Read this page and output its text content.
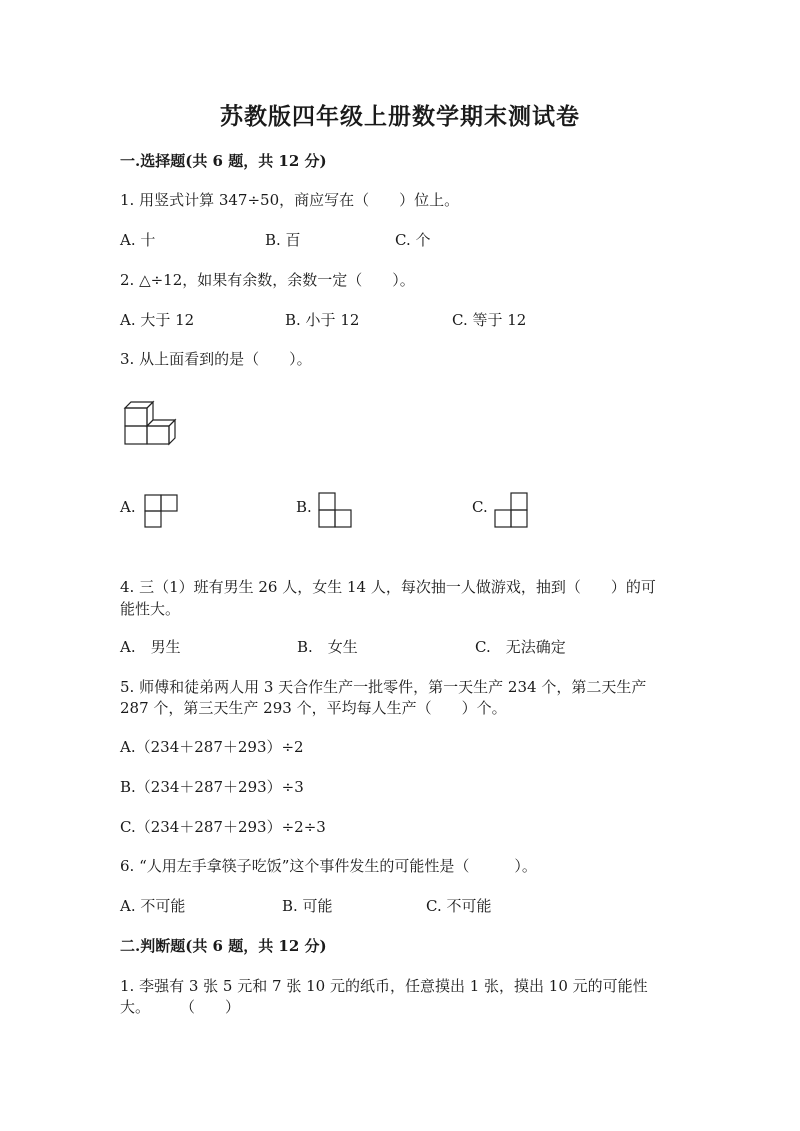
苏教版四年级上册数学期末测试卷
一.选择题(共 6 题，共 12 分)
1. 用竖式计算 347÷50，商应写在（　　）位上。
A. 十	B. 百	C. 个
2. △÷12，如果有余数，余数一定（　　）。
A. 大于 12	B. 小于 12	C. 等于 12
3. 从上面看到的是（　　）。
A.	B.	C.
4. 三（1）班有男生 26 人，女生 14 人，每次抽一人做游戏，抽到（　　）的可
能性大。
A.　男生	B.　女生	C.　无法确定
5. 师傅和徒弟两人用 3 天合作生产一批零件，第一天生产 234 个，第二天生产
287 个，第三天生产 293 个，平均每人生产（　　）个。
A.（234＋287＋293）÷2
B.（234＋287＋293）÷3
C.（234＋287＋293）÷2÷3
6. “人用左手拿筷子吃饭”这个事件发生的可能性是（　　　）。
A. 不可能	B. 可能	C. 不可能
二.判断题(共 6 题，共 12 分)
1. 李强有 3 张 5 元和 7 张 10 元的纸币，任意摸出 1 张，摸出 10 元的可能性
大。　　　（　　）
